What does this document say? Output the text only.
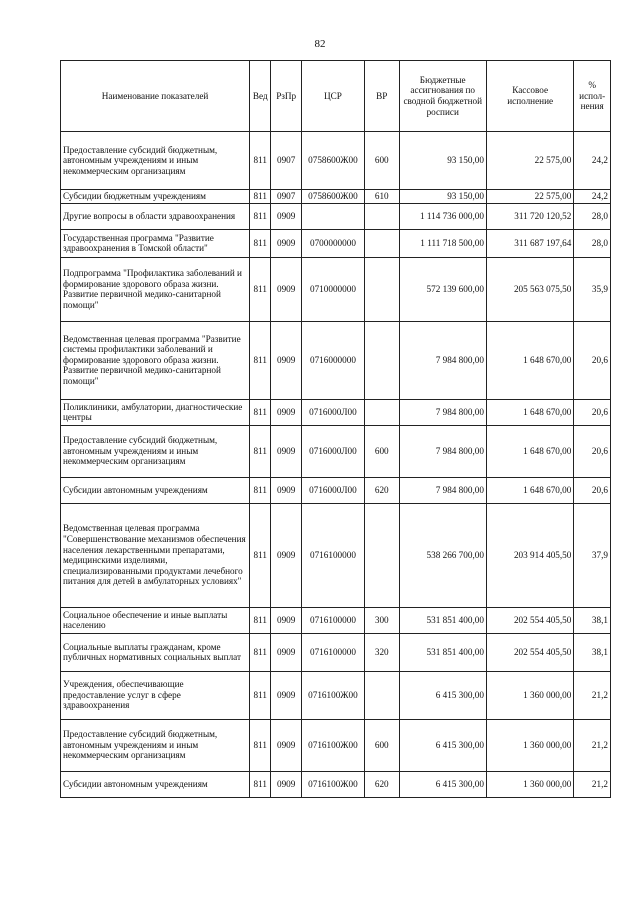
82
Наименование показателей	Вед	РзПр	ЦСР	ВР	Бюджетные ассигнования по сводной бюджетной росписи	Кассовое исполнение	% испол-нения
Предоставление субсидий бюджетным, автономным учреждениям и иным некоммерческим организациям	811	0907	0758600Ж00	600	93 150,00	22 575,00	24,2
Субсидии бюджетным учреждениям	811	0907	0758600Ж00	610	93 150,00	22 575,00	24,2
Другие вопросы в области здравоохранения	811	0909			1 114 736 000,00	311 720 120,52	28,0
Государственная программа "Развитие здравоохранения в Томской области"	811	0909	0700000000		1 111 718 500,00	311 687 197,64	28,0
Подпрограмма "Профилактика заболеваний и формирование здорового образа жизни. Развитие первичной медико-санитарной помощи"	811	0909	0710000000		572 139 600,00	205 563 075,50	35,9
Ведомственная целевая программа "Развитие системы профилактики заболеваний и формирование здорового образа жизни. Развитие первичной медико-санитарной помощи"	811	0909	0716000000		7 984 800,00	1 648 670,00	20,6
Поликлиники, амбулатории, диагностические центры	811	0909	0716000Л00		7 984 800,00	1 648 670,00	20,6
Предоставление субсидий бюджетным, автономным учреждениям и иным некоммерческим организациям	811	0909	0716000Л00	600	7 984 800,00	1 648 670,00	20,6
Субсидии автономным учреждениям	811	0909	0716000Л00	620	7 984 800,00	1 648 670,00	20,6
Ведомственная целевая программа "Совершенствование механизмов обеспечения населения лекарственными препаратами, медицинскими изделиями, специализированными продуктами лечебного питания для детей в амбулаторных условиях"	811	0909	0716100000		538 266 700,00	203 914 405,50	37,9
Социальное обеспечение и иные выплаты населению	811	0909	0716100000	300	531 851 400,00	202 554 405,50	38,1
Социальные выплаты гражданам, кроме публичных нормативных социальных выплат	811	0909	0716100000	320	531 851 400,00	202 554 405,50	38,1
Учреждения, обеспечивающие предоставление услуг в сфере здравоохранения	811	0909	0716100Ж00		6 415 300,00	1 360 000,00	21,2
Предоставление субсидий бюджетным, автономным учреждениям и иным некоммерческим организациям	811	0909	0716100Ж00	600	6 415 300,00	1 360 000,00	21,2
Субсидии автономным учреждениям	811	0909	0716100Ж00	620	6 415 300,00	1 360 000,00	21,2
